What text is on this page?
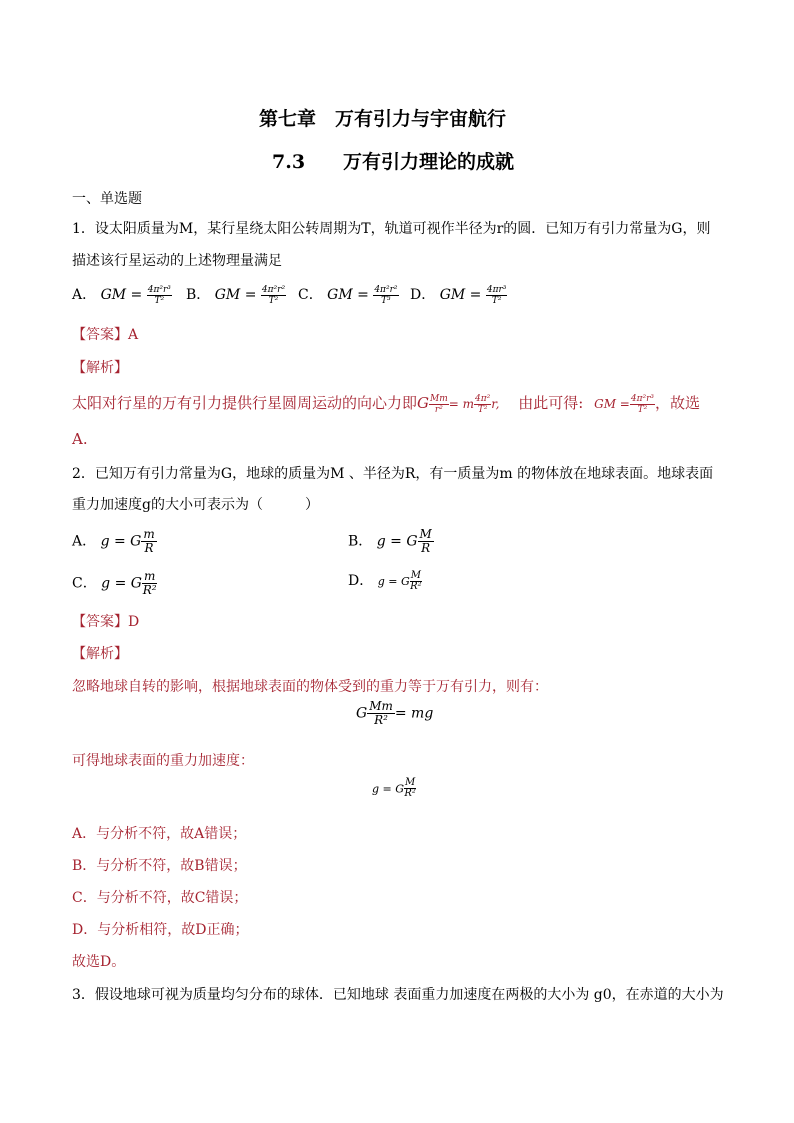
第七章　万有引力与宇宙航行
7.3　　万有引力理论的成就
一、单选题
1．设太阳质量为M，某行星绕太阳公转周期为T，轨道可视作半径为r的圆．已知万有引力常量为G，则
描述该行星运动的上述物理量满足
A． GM = $\frac{\text{4π²r³}}{\text{T²}}$ B． GM = $\frac{\text{4π²r²}}{\text{T²}}$ C． GM = $\frac{\text{4π²r²}}{\text{T³}}$ D． GM = $\frac{\text{4πr³}}{\text{T²}}$
【答案】A
【解析】
太阳对行星的万有引力提供行星圆周运动的向心力即G $\frac{Mm}{\text{r²}} = m \frac{\text{4π²}}{\text{T²}} r$, 由此可得: GM = $\frac{\text{4π²r³}}{\text{T²}}$ ，故选
A.
2．已知万有引力常量为G，地球的质量为M 、半径为R，有一质量为m 的物体放在地球表面。地球表面
重力加速度g的大小可表示为（　　　）
A． g = G $\frac{m}{R}$	B． g = G $\frac{M}{R}$
C． g = G $\frac{m}{\text{R²}}$	D． g = G $\frac{M}{\text{R²}}$
【答案】D
【解析】
忽略地球自转的影响，根据地球表面的物体受到的重力等于万有引力，则有：
G $\frac{Mm}{\text{R²}}$ = mg
可得地球表面的重力加速度：
g = G $\frac{M}{\text{R²}}$
A．与分析不符，故A错误；
B．与分析不符，故B错误；
C．与分析不符，故C错误；
D．与分析相符，故D正确；
故选D。
3．假设地球可视为质量均匀分布的球体．已知地球 表面重力加速度在两极的大小为 g0，在赤道的大小为
